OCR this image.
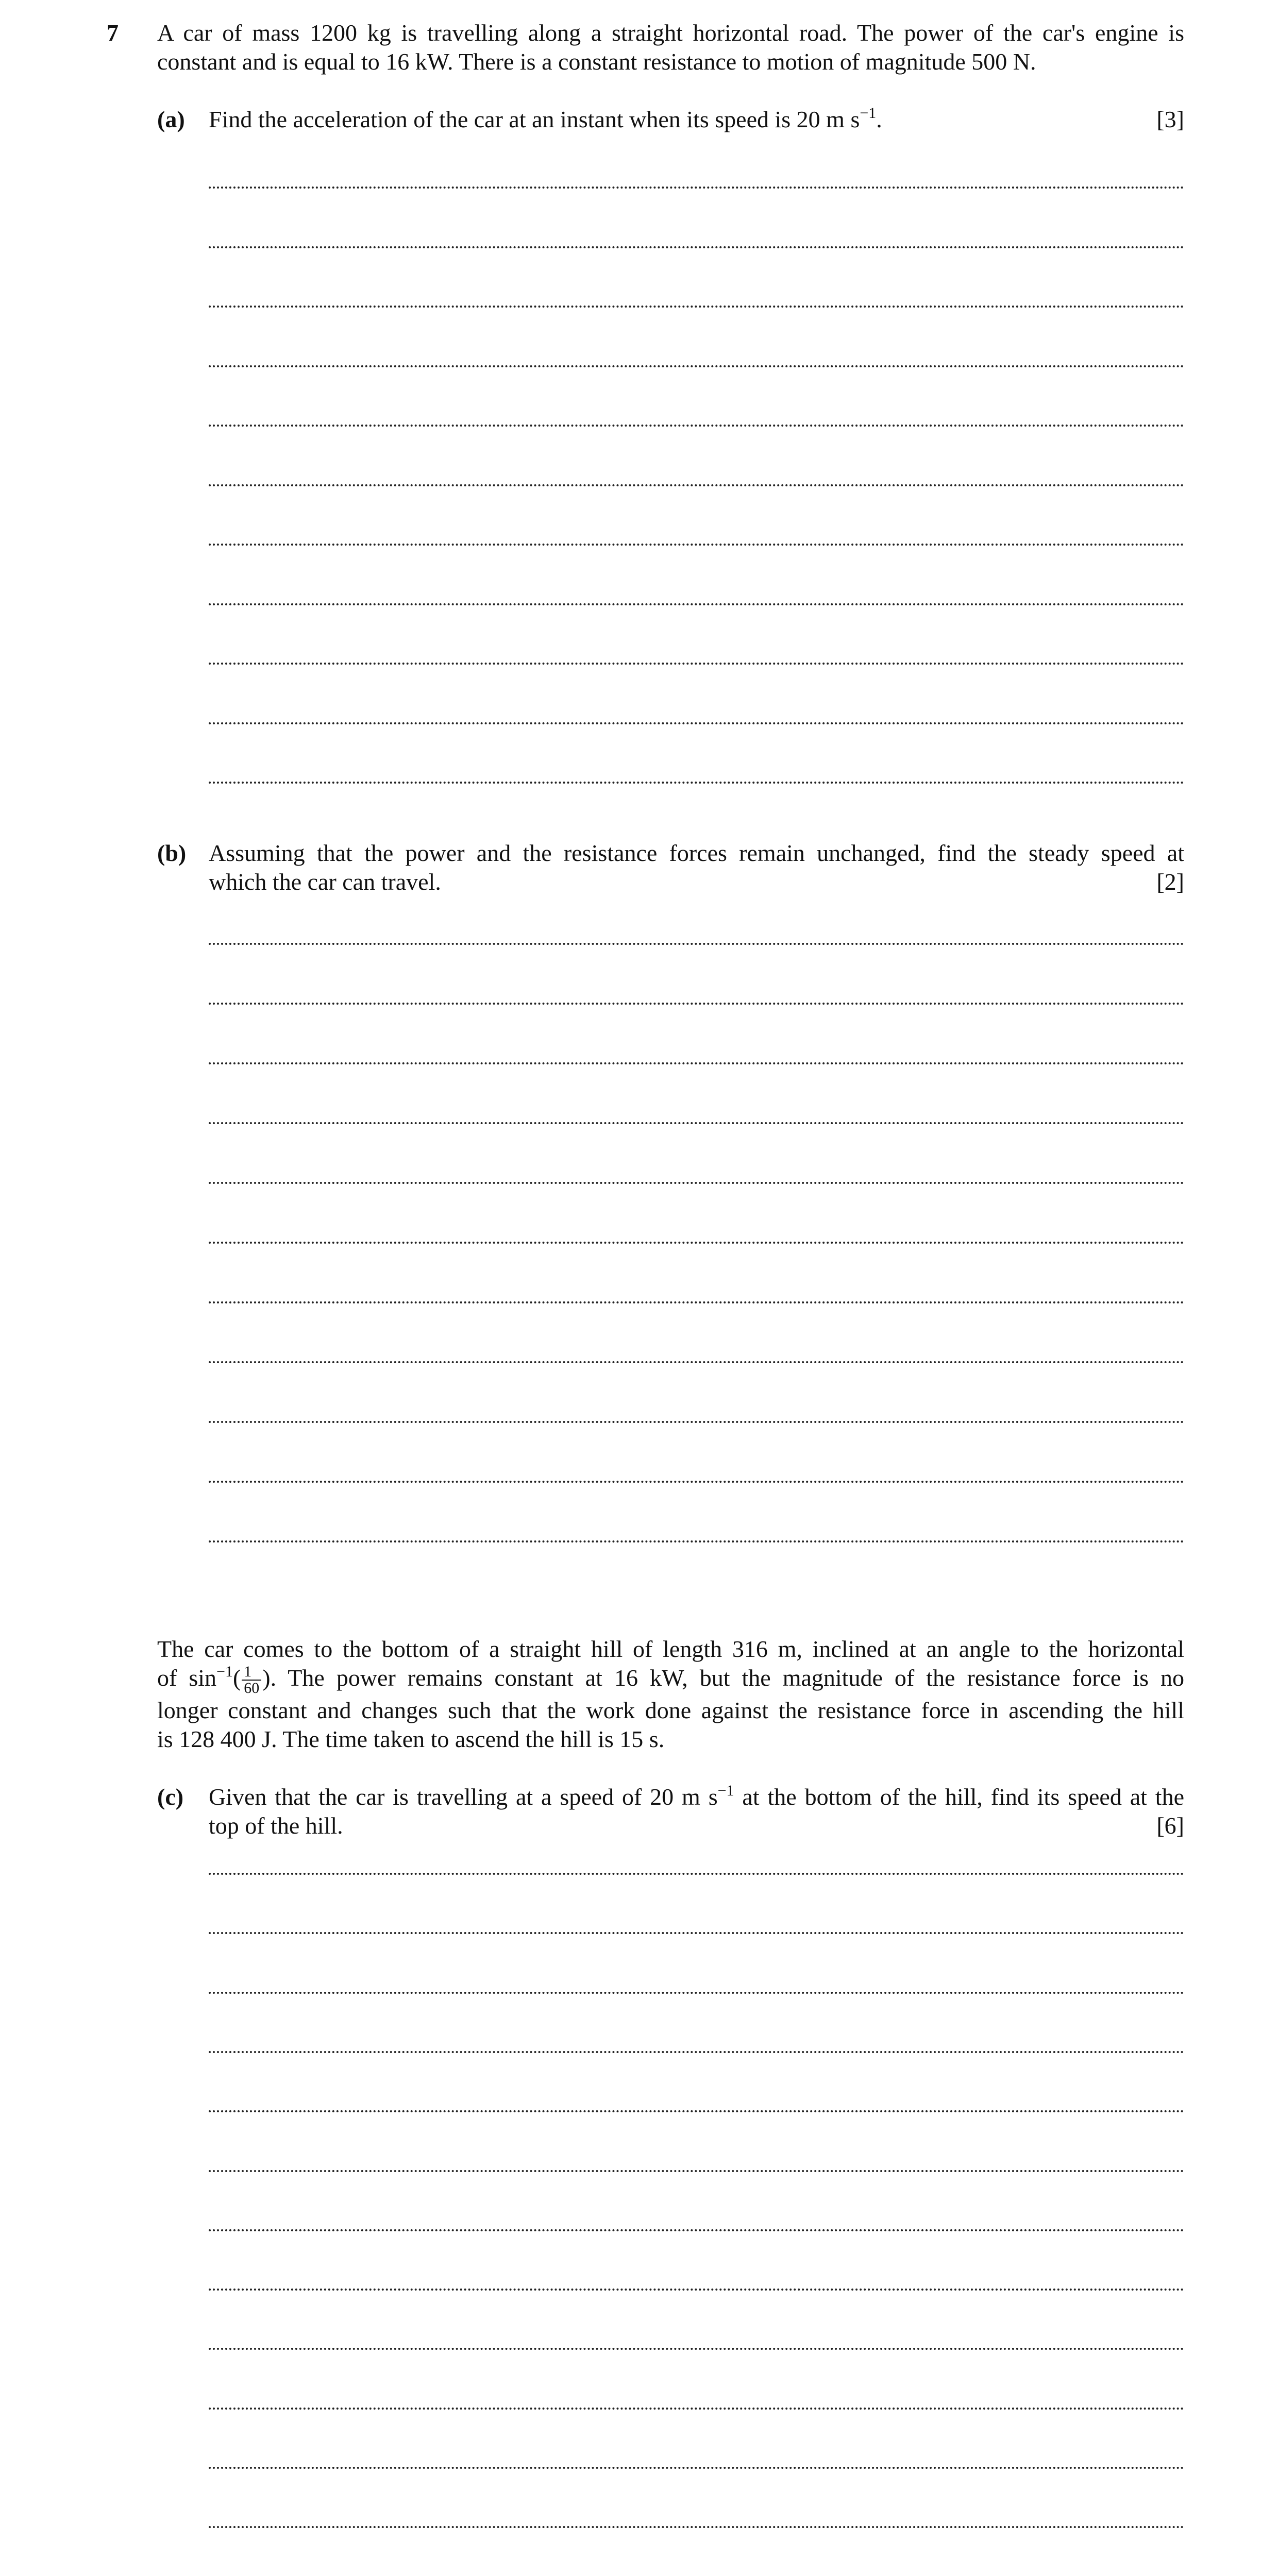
7 A car of mass 1200 kg is travelling along a straight horizontal road. The power of the car's engine is
constant and is equal to 16 kW. There is a constant resistance to motion of magnitude 500 N.
(a) Find the acceleration of the car at an instant when its speed is 20 m $s^{-1}$.	[3]
(b) Assuming that the power and the resistance forces remain unchanged, find the steady speed at
which the car can travel.	[2]
The car comes to the bottom of a straight hill of length 316 m, inclined at an angle to the horizontal
of $\sin^{-1}( \frac{1}{60}$ ). The power remains constant at 16 kW, but the magnitude of the resistance force is no
longer constant and changes such that the work done against the resistance force in ascending the hill
is 128 400 J. The time taken to ascend the hill is 15 s.
(c) Given that the car is travelling at a speed of 20 m $s^{-1}$ at the bottom of the hill, find its speed at the
top of the hill.	[6]
